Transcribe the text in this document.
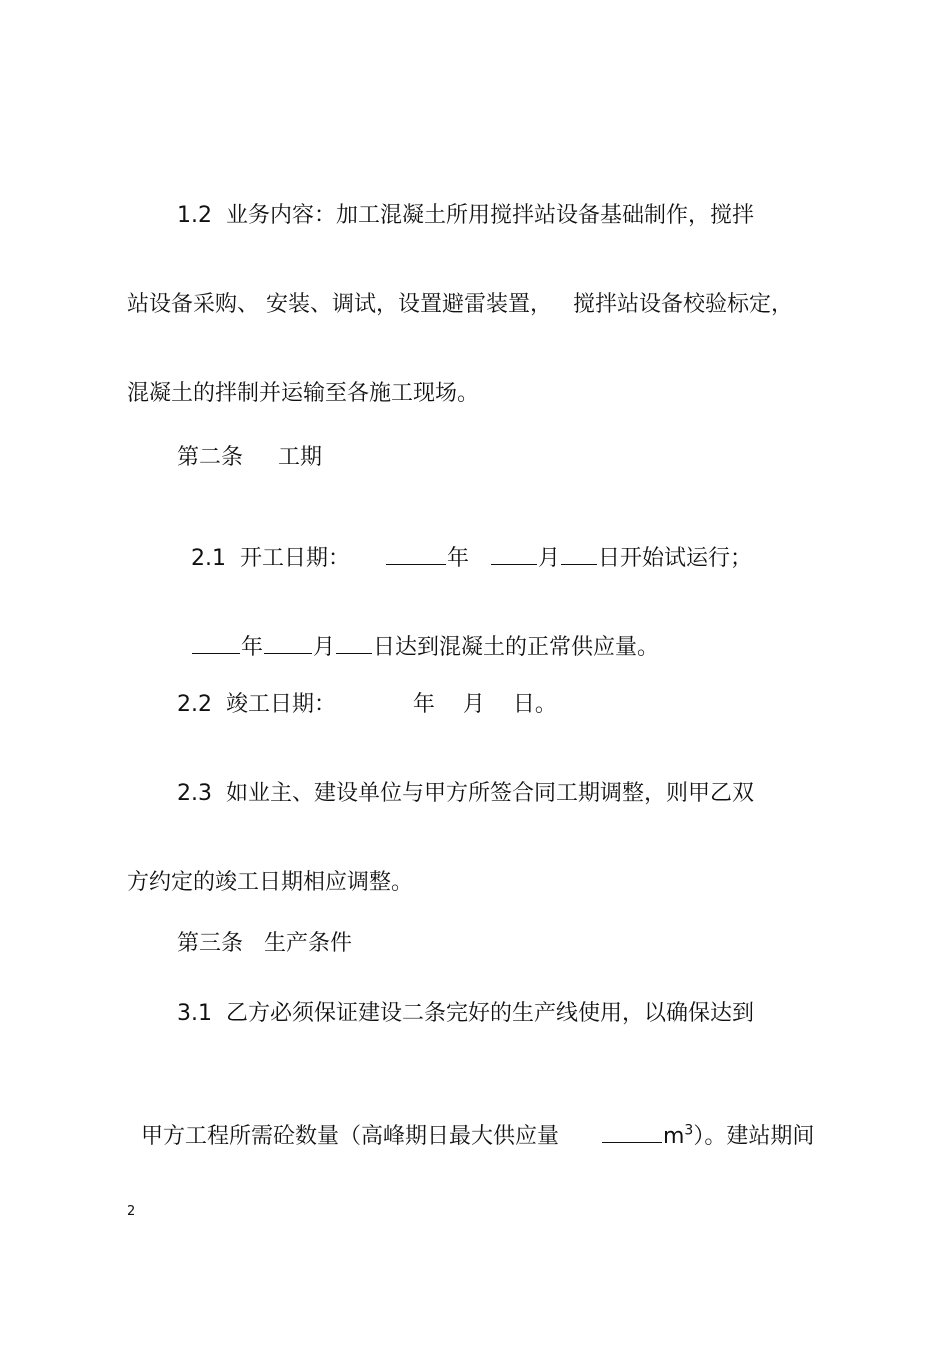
1.2  业务内容：加工混凝土所用搅拌站设备基础制作，搅拌
站设备采购、 安装、调试，设置避雷装置，   搅拌站设备校验标定，
混凝土的拌制并运输至各施工现场。
第二条     工期

2.1  开工日期：	年   月 日开始试运行；

年 月 日达到混凝土的正常供应量。

2.2  竣工日期：           年    月    日。
2.3  如业主、建设单位与甲方所签合同工期调整，则甲乙双
方约定的竣工日期相应调整。
第三条   生产条件
3.1  乙方必须保证建设二条完好的生产线使用，以确保达到

甲方工程所需砼数量（高峰期日最大供应量	$m^3$）。建站期间

2
